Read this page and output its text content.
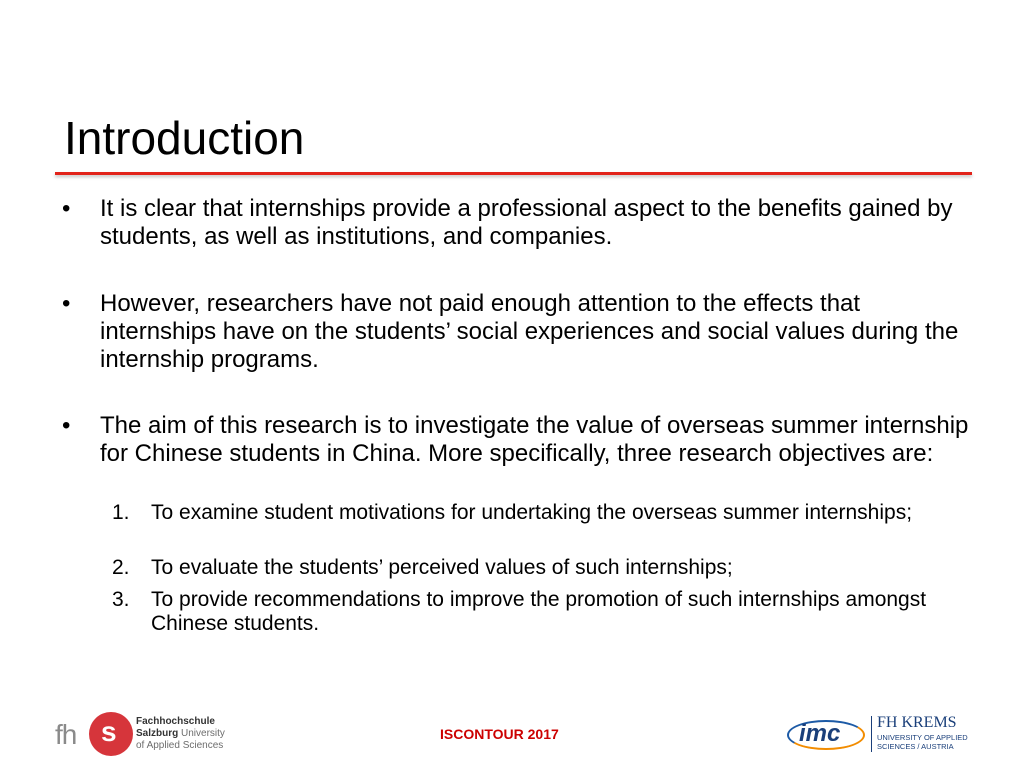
Introduction
• It is clear that internships provide a professional aspect to the benefits gained by students, as well as institutions, and companies.
• However, researchers have not paid enough attention to the effects that internships have on the students’ social experiences and social values during the internship programs.
• The aim of this research is to investigate the value of overseas summer internship for Chinese students in China. More specifically, three research objectives are:
1. To examine student motivations for undertaking the overseas summer internships;
2. To evaluate the students’ perceived values of such internships;
3. To provide recommendations to improve the promotion of such internships amongst Chinese students.
fh s Fachhochschule
Salzburg University
of Applied Sciences
ISCONTOUR 2017	imc FH KREMS
UNIVERSITY OF APPLIED
SCIENCES / AUSTRIA
